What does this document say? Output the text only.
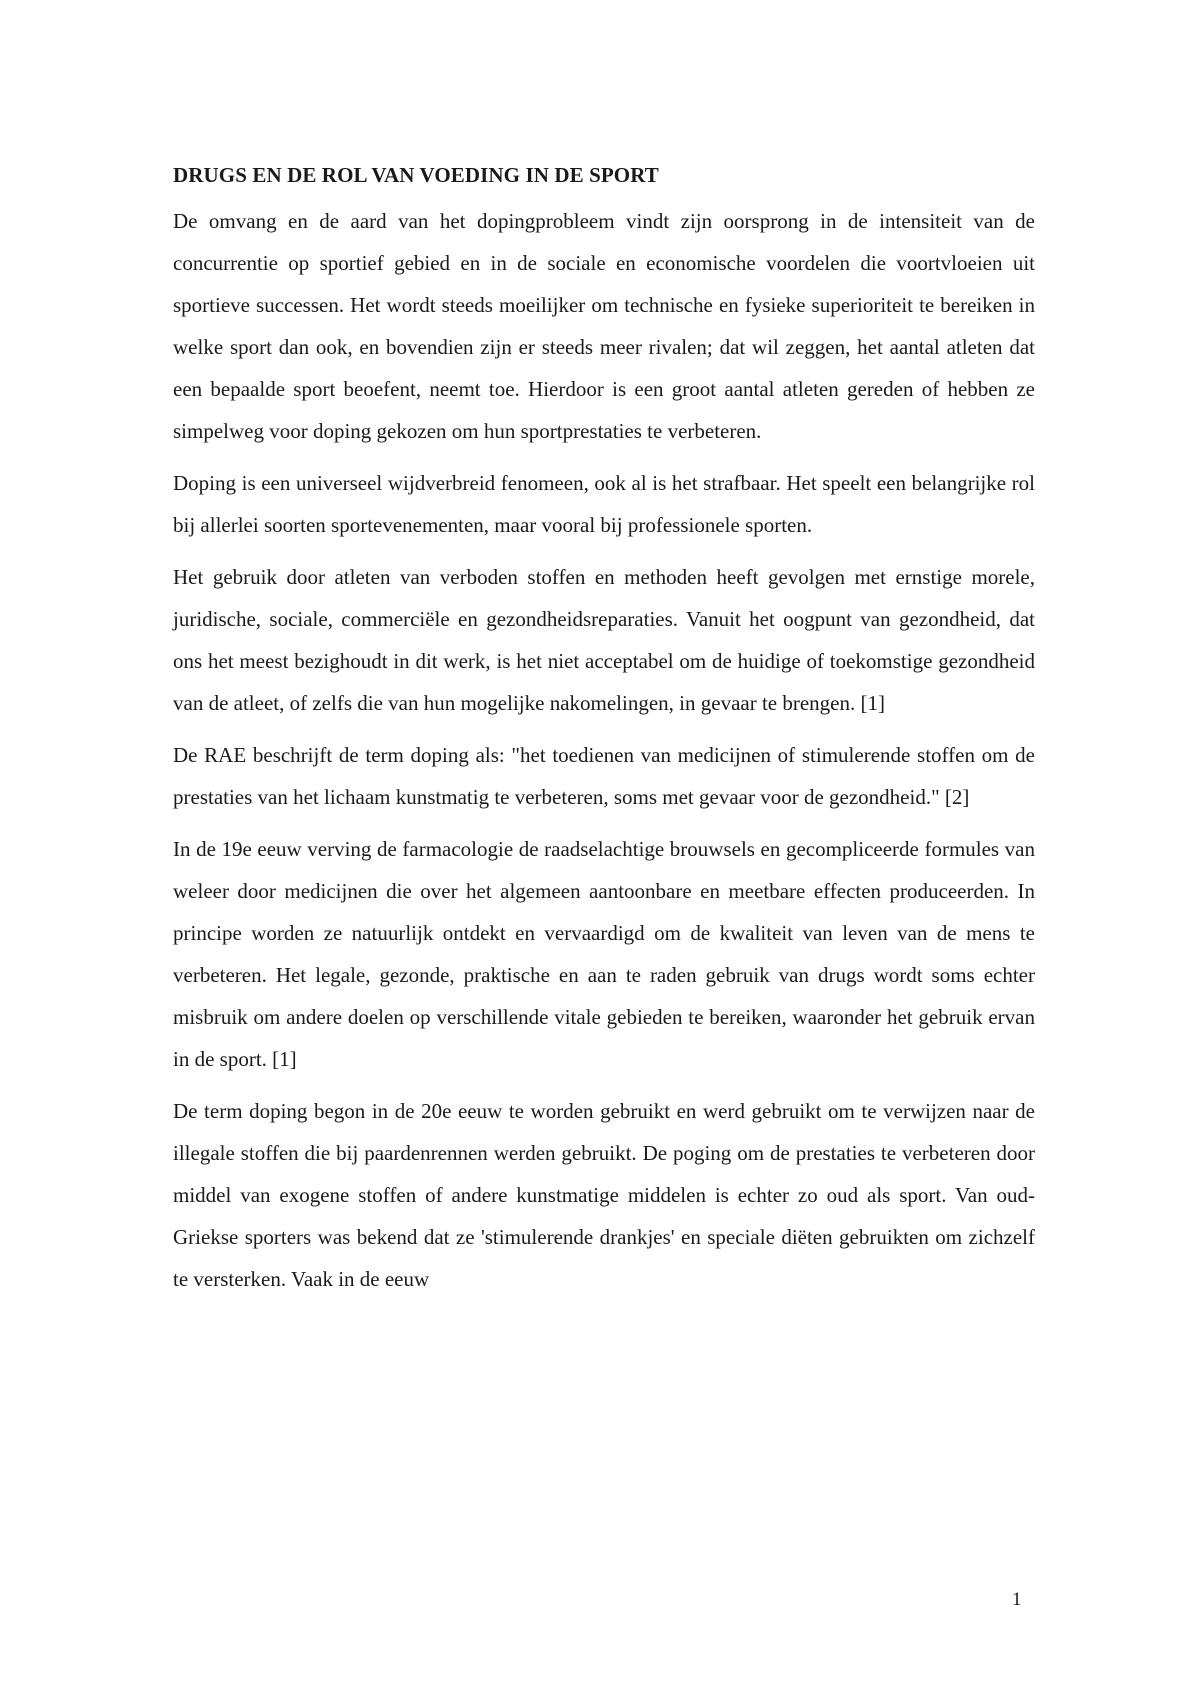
DRUGS EN DE ROL VAN VOEDING IN DE SPORT

De omvang en de aard van het dopingprobleem vindt zijn oorsprong in de intensiteit van de concurrentie op sportief gebied en in de sociale en economische voordelen die voortvloeien uit sportieve successen. Het wordt steeds moeilijker om technische en fysieke superioriteit te bereiken in welke sport dan ook, en bovendien zijn er steeds meer rivalen; dat wil zeggen, het aantal atleten dat een bepaalde sport beoefent, neemt toe. Hierdoor is een groot aantal atleten gereden of hebben ze simpelweg voor doping gekozen om hun sportprestaties te verbeteren.

Doping is een universeel wijdverbreid fenomeen, ook al is het strafbaar. Het speelt een belangrijke rol bij allerlei soorten sportevenementen, maar vooral bij professionele sporten.

Het gebruik door atleten van verboden stoffen en methoden heeft gevolgen met ernstige morele, juridische, sociale, commerciële en gezondheidsreparaties. Vanuit het oogpunt van gezondheid, dat ons het meest bezighoudt in dit werk, is het niet acceptabel om de huidige of toekomstige gezondheid van de atleet, of zelfs die van hun mogelijke nakomelingen, in gevaar te brengen. [1]

De RAE beschrijft de term doping als: "het toedienen van medicijnen of stimulerende stoffen om de prestaties van het lichaam kunstmatig te verbeteren, soms met gevaar voor de gezondheid." [2]

In de 19e eeuw verving de farmacologie de raadselachtige brouwsels en gecompliceerde formules van weleer door medicijnen die over het algemeen aantoonbare en meetbare effecten produceerden. In principe worden ze natuurlijk ontdekt en vervaardigd om de kwaliteit van leven van de mens te verbeteren. Het legale, gezonde, praktische en aan te raden gebruik van drugs wordt soms echter misbruik om andere doelen op verschillende vitale gebieden te bereiken, waaronder het gebruik ervan in de sport. [1]

De term doping begon in de 20e eeuw te worden gebruikt en werd gebruikt om te verwijzen naar de illegale stoffen die bij paardenrennen werden gebruikt. De poging om de prestaties te verbeteren door middel van exogene stoffen of andere kunstmatige middelen is echter zo oud als sport. Van oud-Griekse sporters was bekend dat ze 'stimulerende drankjes' en speciale diëten gebruikten om zichzelf te versterken. Vaak in de eeuw

1
